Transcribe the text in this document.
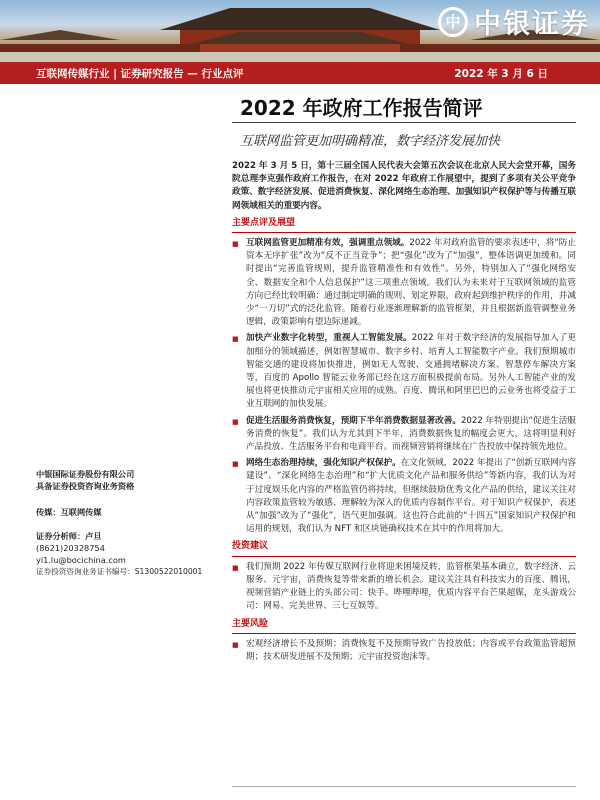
中 中银证券
互联网传媒行业 | 证券研究报告 — 行业点评	2022 年 3 月 6 日
2022 年政府工作报告简评
互联网监管更加明确精准，数字经济发展加快

2022 年 3 月 5 日，第十三届全国人民代表大会第五次会议在北京人民大会堂开幕，国务院总理李克强作政府工作报告，在对 2022 年政府工作展望中，提到了多项有关公平竞争政策、数字经济发展、促进消费恢复、深化网络生态治理、加强知识产权保护等与传播互联网领域相关的重要内容。

主要点评及展望
■ 互联网监管更加精准有效，强调重点领域。2022 年对政府监管的要求表述中，将“防止资本无序扩张”改为“反不正当竞争”；把“强化”改为了“加强”，整体语调更加缓和。同时提出“完善监管规则，提升监管精准性和有效性”。另外，特别加入了“强化网络安全、数据安全和个人信息保护”这三项重点领域。我们认为未来对于互联网领域的监管方向已经比较明确：通过制定明确的规则、划定界限，政府起到维护秩序的作用，并减少“一刀切”式的泛化监管。随着行业逐渐理解新的监管框架，并且根据新监管调整业务逻辑，政策影响有望边际递减。
■ 加快产业数字化转型，重视人工智能发展。2022 年对于数字经济的发展指导加入了更加细分的领域描述，例如智慧城市、数字乡村、培育人工智能数字产业。我们预期城市智能交通的建设将加快推进，例如无人驾驶、交通拥堵解决方案、智慧停车解决方案等，百度的 Apollo 智能云业务部已经在这方面积极提前布局。另外人工智能产业的发展也将更快推动元宇宙相关应用的成熟。百度、腾讯和阿里巴巴的云业务也将受益于工业互联网的加快发展。
■ 促进生活服务消费恢复，预期下半年消费数据显著改善。2022 年特别提出“促进生活服务消费的恢复”。我们认为尤其到下半年，消费数据恢复的幅度会更大，这将明显利好产品投放、生活服务平台和电商平台。而视频营销将继续在广告投放中保持领先地位。
■ 网络生态治理持续，强化知识产权保护。在文化领域，2022 年提出了“创新互联网内容建设”、“深化网络生态治理”和“扩大优质文化产品和服务供给”等新内容，我们认为对于过度娱乐化内容的严格监管仍将持续，但继续鼓励优秀文化产品的供给，建议关注对内容政策监管较为敏感、理解较为深入的优质内容制作平台。对于知识产权保护，表述从“加强”改为了“强化”，语气更加强调。这也符合此前的“十四五”国家知识产权保护和运用的规划，我们认为 NFT 和区块链确权技术在其中的作用将加大。
投资建议
■ 我们预期 2022 年传媒互联网行业将迎来困境反转，监管框架基本确立，数字经济、云服务、元宇宙，消费恢复等带来新的增长机会。建议关注具有科技实力的百度、腾讯，视频营销产业链上的头部公司：快手、哔哩哔哩，优质内容平台芒果超媒，龙头游戏公司：网易、完美世界、三七互娱等。
主要风险
■ 宏观经济增长不及预期；消费恢复不及预期导致广告投放低；内容或平台政策监管超预期；技术研发进展不及预期；元宇宙投资泡沫等。
中银国际证券股份有限公司
具备证券投资咨询业务资格
传媒：互联网传媒
证券分析师：卢旦
(8621)20328754
yi1.lu@bocichina.com
证券投资咨询业务证书编号：S1300522010001
